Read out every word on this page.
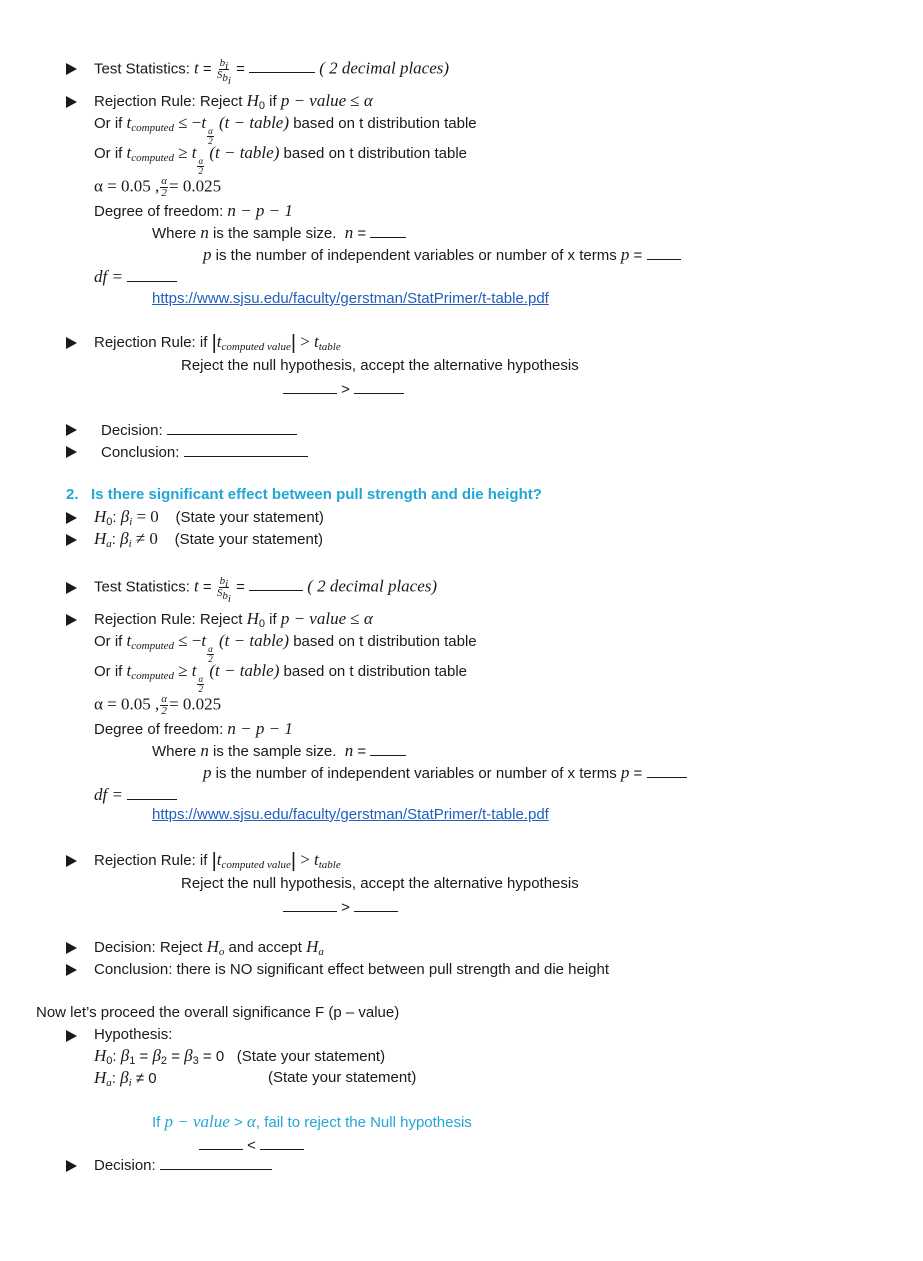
Test Statistics: $t = \frac{b_i}{S_{b_i}}$ =	( 2 decimal places)
Rejection Rule: Reject $H_0$ if p − value ≤ α
Or if $t_{computed} \le -t$
$\frac{\alpha}{2}$
(t − table) based on t distribution table
Or if $t_{computed} \ge t$
$\frac{\alpha}{2}$
(t − table) based on t distribution table
α = 0.05 , $\frac{\alpha}{2} = 0.025$
Degree of freedom: n − p − 1
Where n is the sample size. n =
p is the number of independent variables or number of x terms p =
df =
https://www.sjsu.edu/faculty/gerstman/StatPrimer/t-table.pdf
Rejection Rule: if $|t_{computed value}| > t_{table}$
Reject the null hypothesis, accept the alternative hypothesis
>
Decision:
Conclusion:
2. Is there significant effect between pull strength and die height?
$H_0$: $\beta_i = 0$ (State your statement)
$H_a$: $\beta_i \ne 0$ (State your statement)
Test Statistics: $t = \frac{b_i}{S_{b_i}}$ =	( 2 decimal places)
Rejection Rule: Reject $H_0$ if p − value ≤ α
Or if $t_{computed} \le -t$
$\frac{\alpha}{2}$
(t − table) based on t distribution table
Or if $t_{computed} \ge t$
$\frac{\alpha}{2}$
(t − table) based on t distribution table
α = 0.05 , $\frac{\alpha}{2} = 0.025$
Degree of freedom: n − p − 1
Where n is the sample size. n =
p is the number of independent variables or number of x terms p =
df =
https://www.sjsu.edu/faculty/gerstman/StatPrimer/t-table.pdf
Rejection Rule: if $|t_{computed value}| > t_{table}$
Reject the null hypothesis, accept the alternative hypothesis
>
Decision: Reject $H_o$ and accept $H_a$
Conclusion: there is NO significant effect between pull strength and die height
Now let’s proceed the overall significance F (p – value)
Hypothesis:
$H_0$: $\beta_1 = \beta_2 = \beta_3 = 0$   (State your statement)
$H_a$: $\beta_i \ne 0$	(State your statement)
If p − value > α, fail to reject the Null hypothesis
<
Decision:
